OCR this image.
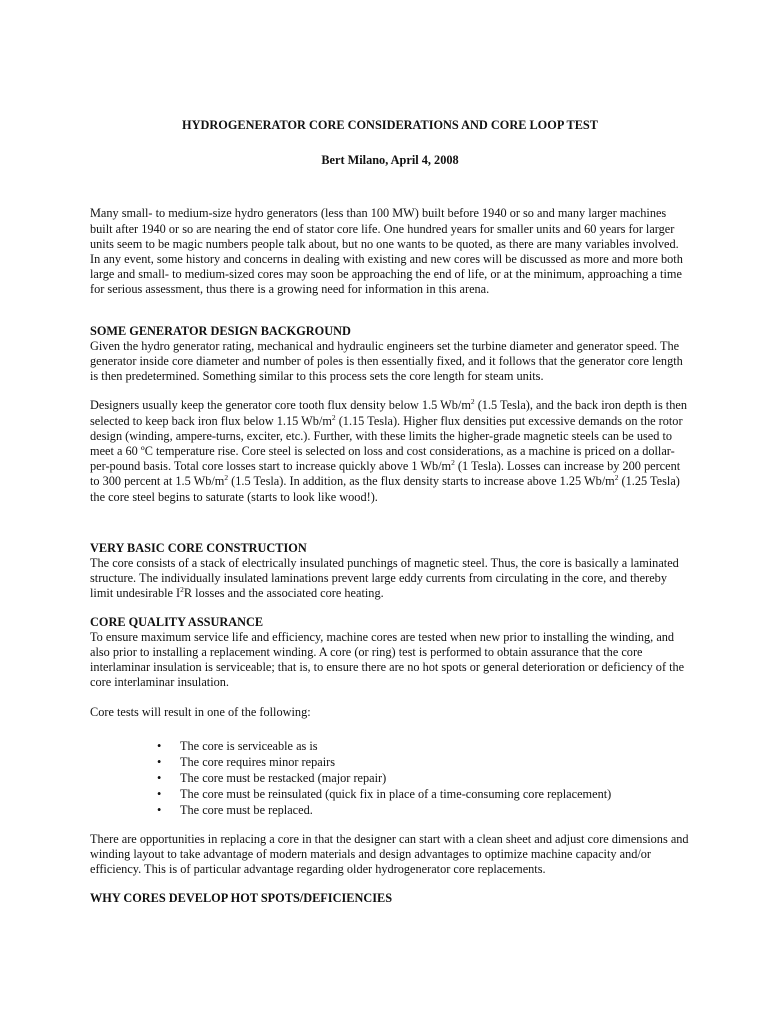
HYDROGENERATOR CORE CONSIDERATIONS AND CORE LOOP TEST
Bert Milano, April 4, 2008

Many small- to medium-size hydro generators (less than 100 MW) built before 1940 or so and many larger machines built after 1940 or so are nearing the end of stator core life. One hundred years for smaller units and 60 years for larger units seem to be magic numbers people talk about, but no one wants to be quoted, as there are many variables involved. In any event, some history and concerns in dealing with existing and new cores will be discussed as more and more both large and small- to medium-sized cores may soon be approaching the end of life, or at the minimum, approaching a time for serious assessment, thus there is a growing need for information in this arena.

SOME GENERATOR DESIGN BACKGROUND

Given the hydro generator rating, mechanical and hydraulic engineers set the turbine diameter and generator speed. The generator inside core diameter and number of poles is then essentially fixed, and it follows that the generator core length is then predetermined. Something similar to this process sets the core length for steam units.

Designers usually keep the generator core tooth flux density below 1.5 $Wb/m^2$ (1.5 Tesla), and the back iron depth is then selected to keep back iron flux below 1.15 $Wb/m^2$ (1.15 Tesla). Higher flux densities put excessive demands on the rotor design (winding, ampere-turns, exciter, etc.). Further, with these limits the higher-grade magnetic steels can be used to meet a 60 ºC temperature rise. Core steel is selected on loss and cost considerations, as a machine is priced on a dollar-per-pound basis. Total core losses start to increase quickly above 1 $Wb/m^2$ (1 Tesla). Losses can increase by 200 percent to 300 percent at 1.5 $Wb/m^2$ (1.5 Tesla). In addition, as the flux density starts to increase above 1.25 $Wb/m^2$ (1.25 Tesla) the core steel begins to saturate (starts to look like wood!).

VERY BASIC CORE CONSTRUCTION

The core consists of a stack of electrically insulated punchings of magnetic steel. Thus, the core is basically a laminated structure. The individually insulated laminations prevent large eddy currents from circulating in the core, and thereby limit undesirable $I^2R$ losses and the associated core heating.

CORE QUALITY ASSURANCE

To ensure maximum service life and efficiency, machine cores are tested when new prior to installing the winding, and also prior to installing a replacement winding. A core (or ring) test is performed to obtain assurance that the core interlaminar insulation is serviceable; that is, to ensure there are no hot spots or general deterioration or deficiency of the core interlaminar insulation.

Core tests will result in one of the following:

• The core is serviceable as is
• The core requires minor repairs
• The core must be restacked (major repair)
• The core must be reinsulated (quick fix in place of a time-consuming core replacement)
• The core must be replaced.

There are opportunities in replacing a core in that the designer can start with a clean sheet and adjust core dimensions and winding layout to take advantage of modern materials and design advantages to optimize machine capacity and/or efficiency. This is of particular advantage regarding older hydrogenerator core replacements.

WHY CORES DEVELOP HOT SPOTS/DEFICIENCIES
